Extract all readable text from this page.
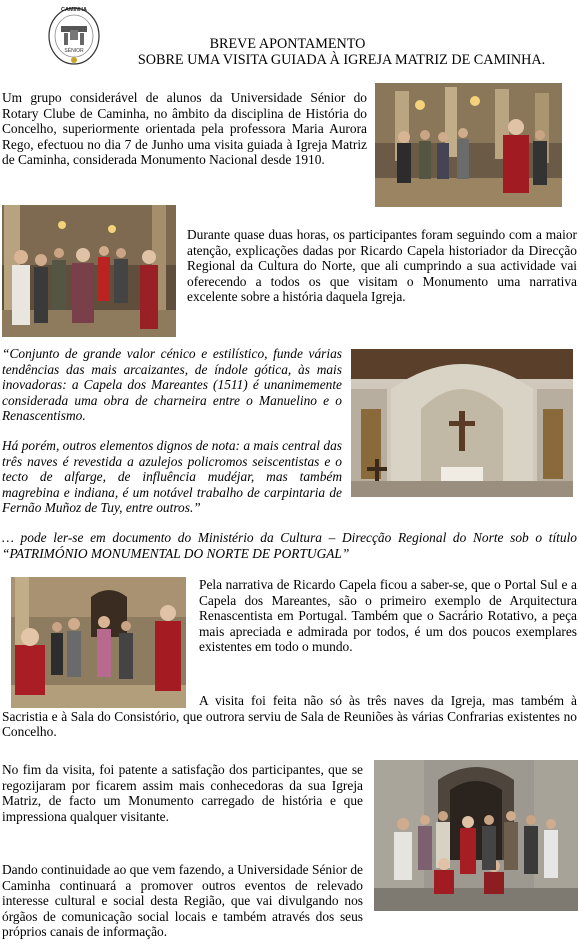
CAMINHA
SÉNIOR	BREVE APONTAMENTO
SOBRE UMA VISITA GUIADA À IGREJA MATRIZ DE CAMINHA.

Um grupo considerável de alunos da Universidade Sénior do Rotary Clube de Caminha, no âmbito da disciplina de História do Concelho, superiormente orientada pela professora Maria Aurora Rego, efectuou no dia 7 de Junho uma visita guiada à Igreja Matriz de Caminha, considerada Monumento Nacional desde 1910.

Durante quase duas horas, os participantes foram seguindo com a maior atenção, explicações dadas por Ricardo Capela historiador da Direcção Regional da Cultura do Norte, que ali cumprindo a sua actividade vai oferecendo a todos os que visitam o Monumento uma narrativa excelente sobre a história daquela Igreja.

“Conjunto de grande valor cénico e estilístico, funde várias tendências das mais arcaizantes, de índole gótica, às mais inovadoras: a Capela dos Mareantes (1511) é unanimemente considerada uma obra de charneira entre o Manuelino e o Renascentismo.
Há porém, outros elementos dignos de nota: a mais central das três naves é revestida a azulejos policromos seiscentistas e o tecto de alfarge, de influência mudéjar, mas também magrebina e indiana, é um notável trabalho de carpintaria de Fernão Muñoz de Tuy, entre outros.”
… pode ler-se em documento do Ministério da Cultura – Direcção Regional do Norte sob o título “PATRIMÓNIO MONUMENTAL DO NORTE DE PORTUGAL”

Pela narrativa de Ricardo Capela ficou a saber-se, que o Portal Sul e a Capela dos Mareantes, são o primeiro exemplo de Arquitectura Renascentista em Portugal. Também que o Sacrário Rotativo, a peça mais apreciada e admirada por todos, é um dos poucos exemplares existentes em todo o mundo.

A visita foi feita não só às três naves da Igreja, mas também à Sacristia e à Sala do Consistório, que outrora serviu de Sala de Reuniões às várias Confrarias existentes no Concelho.

No fim da visita, foi patente a satisfação dos participantes, que se regozijaram por ficarem assim mais conhecedoras da sua Igreja Matriz, de facto um Monumento carregado de história e que impressiona qualquer visitante.

Dando continuidade ao que vem fazendo, a Universidade Sénior de Caminha continuará a promover outros eventos de relevado interesse cultural e social desta Região, que vai divulgando nos órgãos de comunicação social locais e também através dos seus próprios canais de informação.
